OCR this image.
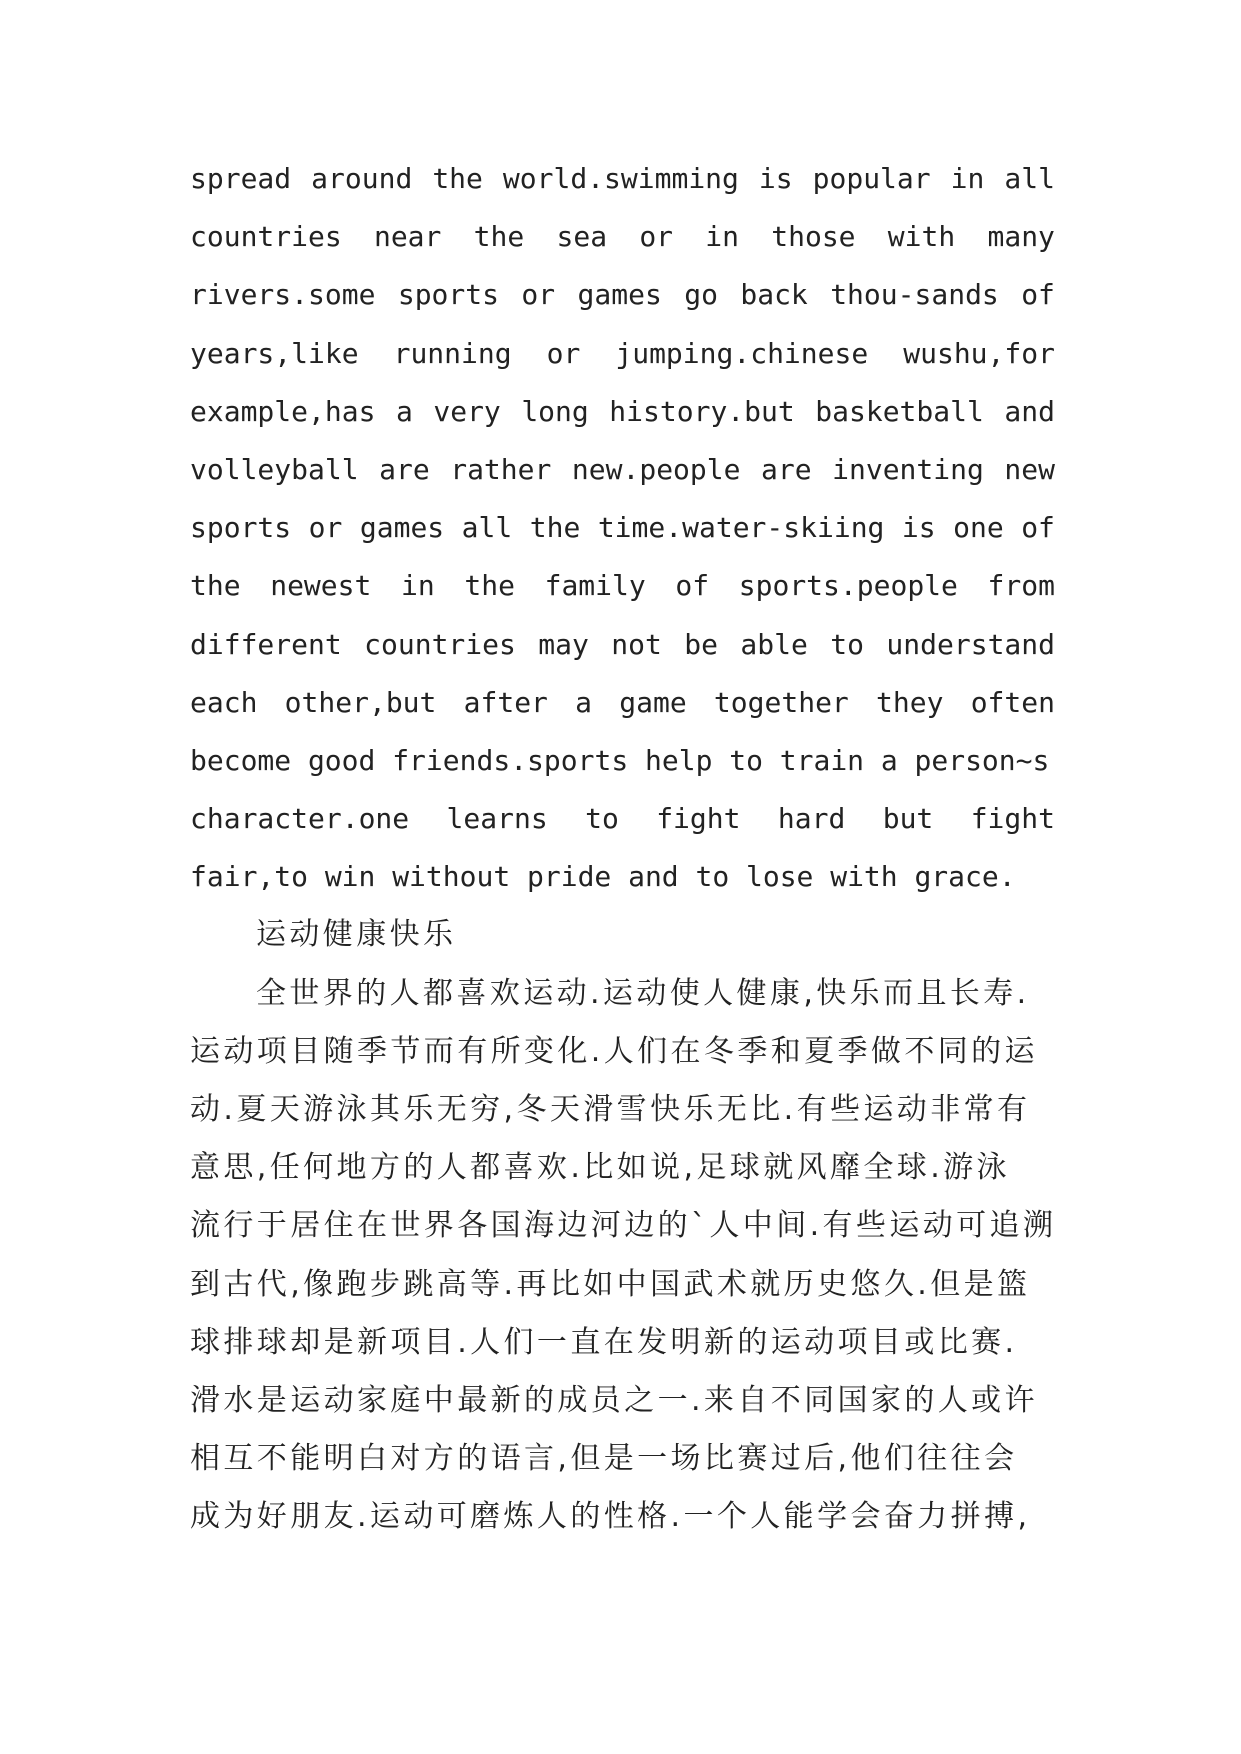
spread around the world.swimming is popular in all
countries near the sea or in those with many
rivers.some sports or games go back thou-sands of
years,like running or jumping.chinese wushu,for
example,has a very long history.but basketball and
volleyball are rather new.people are inventing new
sports or games all the time.water-skiing is one of
the newest in the family of sports.people from
different countries may not be able to understand
each other,but after a game together they often
become good friends.sports help to train a person~s
character.one learns to fight hard but fight
fair,to win without pride and to lose with grace.
运动健康快乐
全世界的人都喜欢运动.运动使人健康,快乐而且长寿.
运动项目随季节而有所变化.人们在冬季和夏季做不同的运
动.夏天游泳其乐无穷,冬天滑雪快乐无比.有些运动非常有
意思,任何地方的人都喜欢.比如说,足球就风靡全球.游泳
流行于居住在世界各国海边河边的`人中间.有些运动可追溯
到古代,像跑步跳高等.再比如中国武术就历史悠久.但是篮
球排球却是新项目.人们一直在发明新的运动项目或比赛.
滑水是运动家庭中最新的成员之一.来自不同国家的人或许
相互不能明白对方的语言,但是一场比赛过后,他们往往会
成为好朋友.运动可磨炼人的性格.一个人能学会奋力拼搏,
